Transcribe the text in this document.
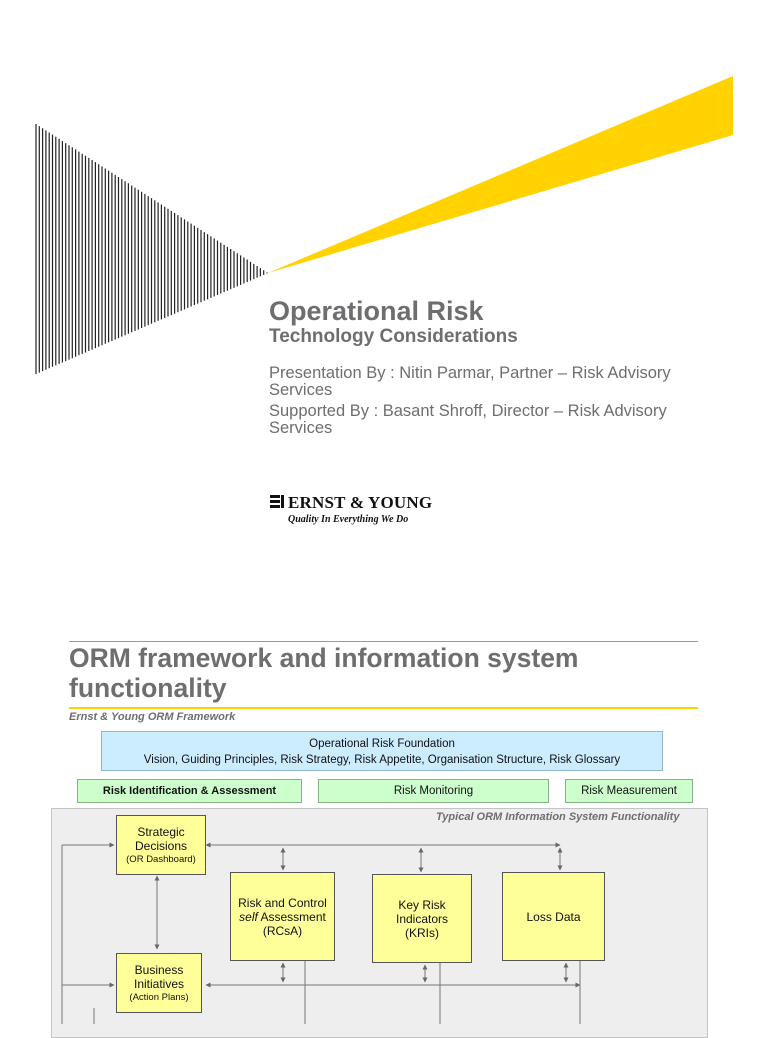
Operational Risk
Technology Considerations
Presentation By : Nitin Parmar, Partner – Risk Advisory Services
Supported By : Basant Shroff, Director – Risk Advisory Services
ERNST & YOUNG
Quality In Everything We Do
ORM framework and information system functionality
Ernst & Young ORM Framework
Operational Risk Foundation
Vision, Guiding Principles, Risk Strategy, Risk Appetite, Organisation Structure, Risk Glossary
Risk Identification & Assessment	Risk Monitoring	Risk Measurement
Typical ORM Information System Functionality
Strategic
Decisions
(OR Dashboard)
Risk and Control
self Assessment
(RCsA)
Key Risk
Indicators
(KRIs)
Loss Data
Business
Initiatives
(Action Plans)
